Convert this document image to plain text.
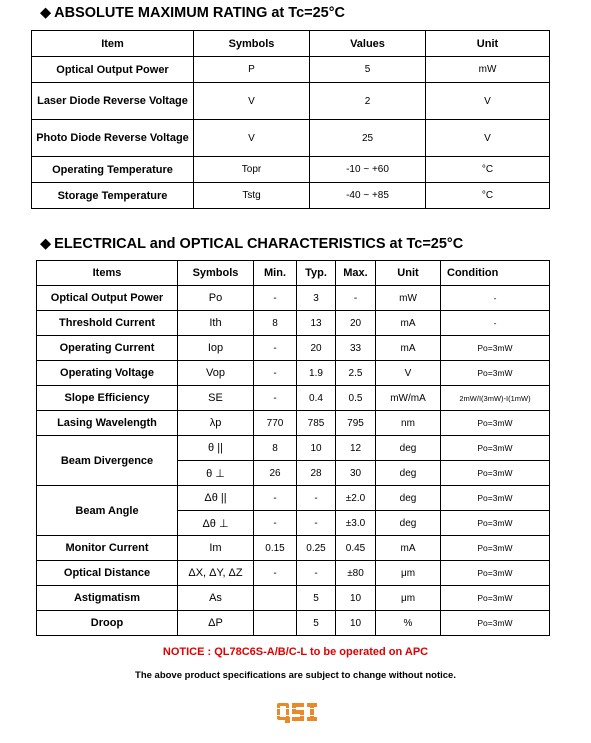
◆ ABSOLUTE MAXIMUM RATING at Tc=25°C
Item	Symbols	Values	Unit
Optical Output Power	P	5	mW
Laser Diode Reverse Voltage	V	2	V
Photo Diode Reverse Voltage	V	25	V
Operating Temperature	Topr	-10 ~ +60	°C
Storage Temperature	Tstg	-40 ~ +85	°C
◆ ELECTRICAL and OPTICAL CHARACTERISTICS at Tc=25°C
Items	Symbols	Min.	Typ.	Max.	Unit	Condition
Optical Output Power	Po	-	3	-	mW	-
Threshold Current	Ith	8	13	20	mA	-
Operating Current	Iop	-	20	33	mA	Po=3mW
Operating Voltage	Vop	-	1.9	2.5	V	Po=3mW
Slope Efficiency	SE	-	0.4	0.5	mW/mA	2mW/I(3mW)-I(1mW)
Lasing Wavelength	λp	770	785	795	nm	Po=3mW
Beam Divergence	θ ||	8	10	12	deg	Po=3mW
	θ ⊥	26	28	30	deg	Po=3mW
Beam Angle	Δθ ||	-	-	±2.0	deg	Po=3mW
	Δθ ⊥	-	-	±3.0	deg	Po=3mW
Monitor Current	Im	0.15	0.25	0.45	mA	Po=3mW
Optical Distance	ΔX, ΔY, ΔZ	-	-	±80	μm	Po=3mW
Astigmatism	As		5	10	μm	Po=3mW
Droop	ΔP		5	10	%	Po=3mW
NOTICE : QL78C6S-A/B/C-L to be operated on APC
The above product specifications are subject to change without notice.
